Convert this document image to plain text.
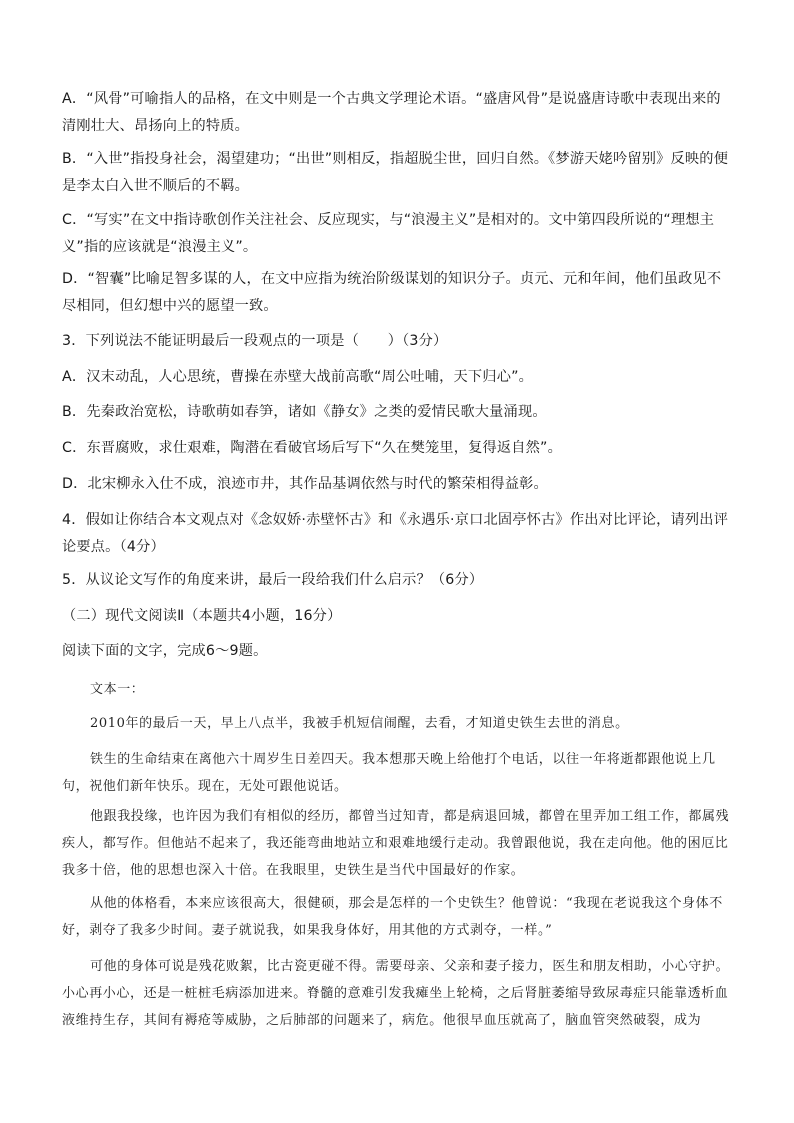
A．“风骨”可喻指人的品格，在文中则是一个古典文学理论术语。“盛唐风骨”是说盛唐诗歌中表现出来的清刚壮大、昂扬向上的特质。

B．“入世”指投身社会，渴望建功；“出世”则相反，指超脱尘世，回归自然。《梦游天姥吟留别》反映的便是李太白入世不顺后的不羁。

C．“写实”在文中指诗歌创作关注社会、反应现实，与“浪漫主义”是相对的。文中第四段所说的“理想主义”指的应该就是“浪漫主义”。

D．“智囊”比喻足智多谋的人，在文中应指为统治阶级谋划的知识分子。贞元、元和年间，他们虽政见不尽相同，但幻想中兴的愿望一致。

3．下列说法不能证明最后一段观点的一项是（　　）（3分）

A．汉末动乱，人心思统，曹操在赤壁大战前高歌“周公吐哺，天下归心”。

B．先秦政治宽松，诗歌萌如春笋，诸如《静女》之类的爱情民歌大量涌现。

C．东晋腐败，求仕艰难，陶潜在看破官场后写下“久在樊笼里，复得返自然”。

D．北宋柳永入仕不成，浪迹市井，其作品基调依然与时代的繁荣相得益彰。

4．假如让你结合本文观点对《念奴娇·赤壁怀古》和《永遇乐·京口北固亭怀古》作出对比评论，请列出评论要点。（4分）

5．从议论文写作的角度来讲，最后一段给我们什么启示？（6分）

（二）现代文阅读Ⅱ（本题共4小题，16分）

阅读下面的文字，完成6～9题。

文本一：

2010年的最后一天，早上八点半，我被手机短信闹醒，去看，才知道史铁生去世的消息。

铁生的生命结束在离他六十周岁生日差四天。我本想那天晚上给他打个电话，以往一年将逝都跟他说上几句，祝他们新年快乐。现在，无处可跟他说话。

他跟我投缘，也许因为我们有相似的经历，都曾当过知青，都是病退回城，都曾在里弄加工组工作，都属残疾人，都写作。但他站不起来了，我还能弯曲地站立和艰难地缓行走动。我曾跟他说，我在走向他。他的困厄比我多十倍，他的思想也深入十倍。在我眼里，史铁生是当代中国最好的作家。

从他的体格看，本来应该很高大，很健硕，那会是怎样的一个史铁生？他曾说：“我现在老说我这个身体不好，剥夺了我多少时间。妻子就说我，如果我身体好，用其他的方式剥夺，一样。”

可他的身体可说是残花败絮，比古瓷更碰不得。需要母亲、父亲和妻子接力，医生和朋友相助，小心守护。小心再小心，还是一桩桩毛病添加进来。脊髓的意难引发我瘫坐上轮椅，之后肾脏萎缩导致尿毒症只能靠透析血液维持生存，其间有褥疮等威胁，之后肺部的问题来了，病危。他很早血压就高了，脑血管突然破裂，成为
